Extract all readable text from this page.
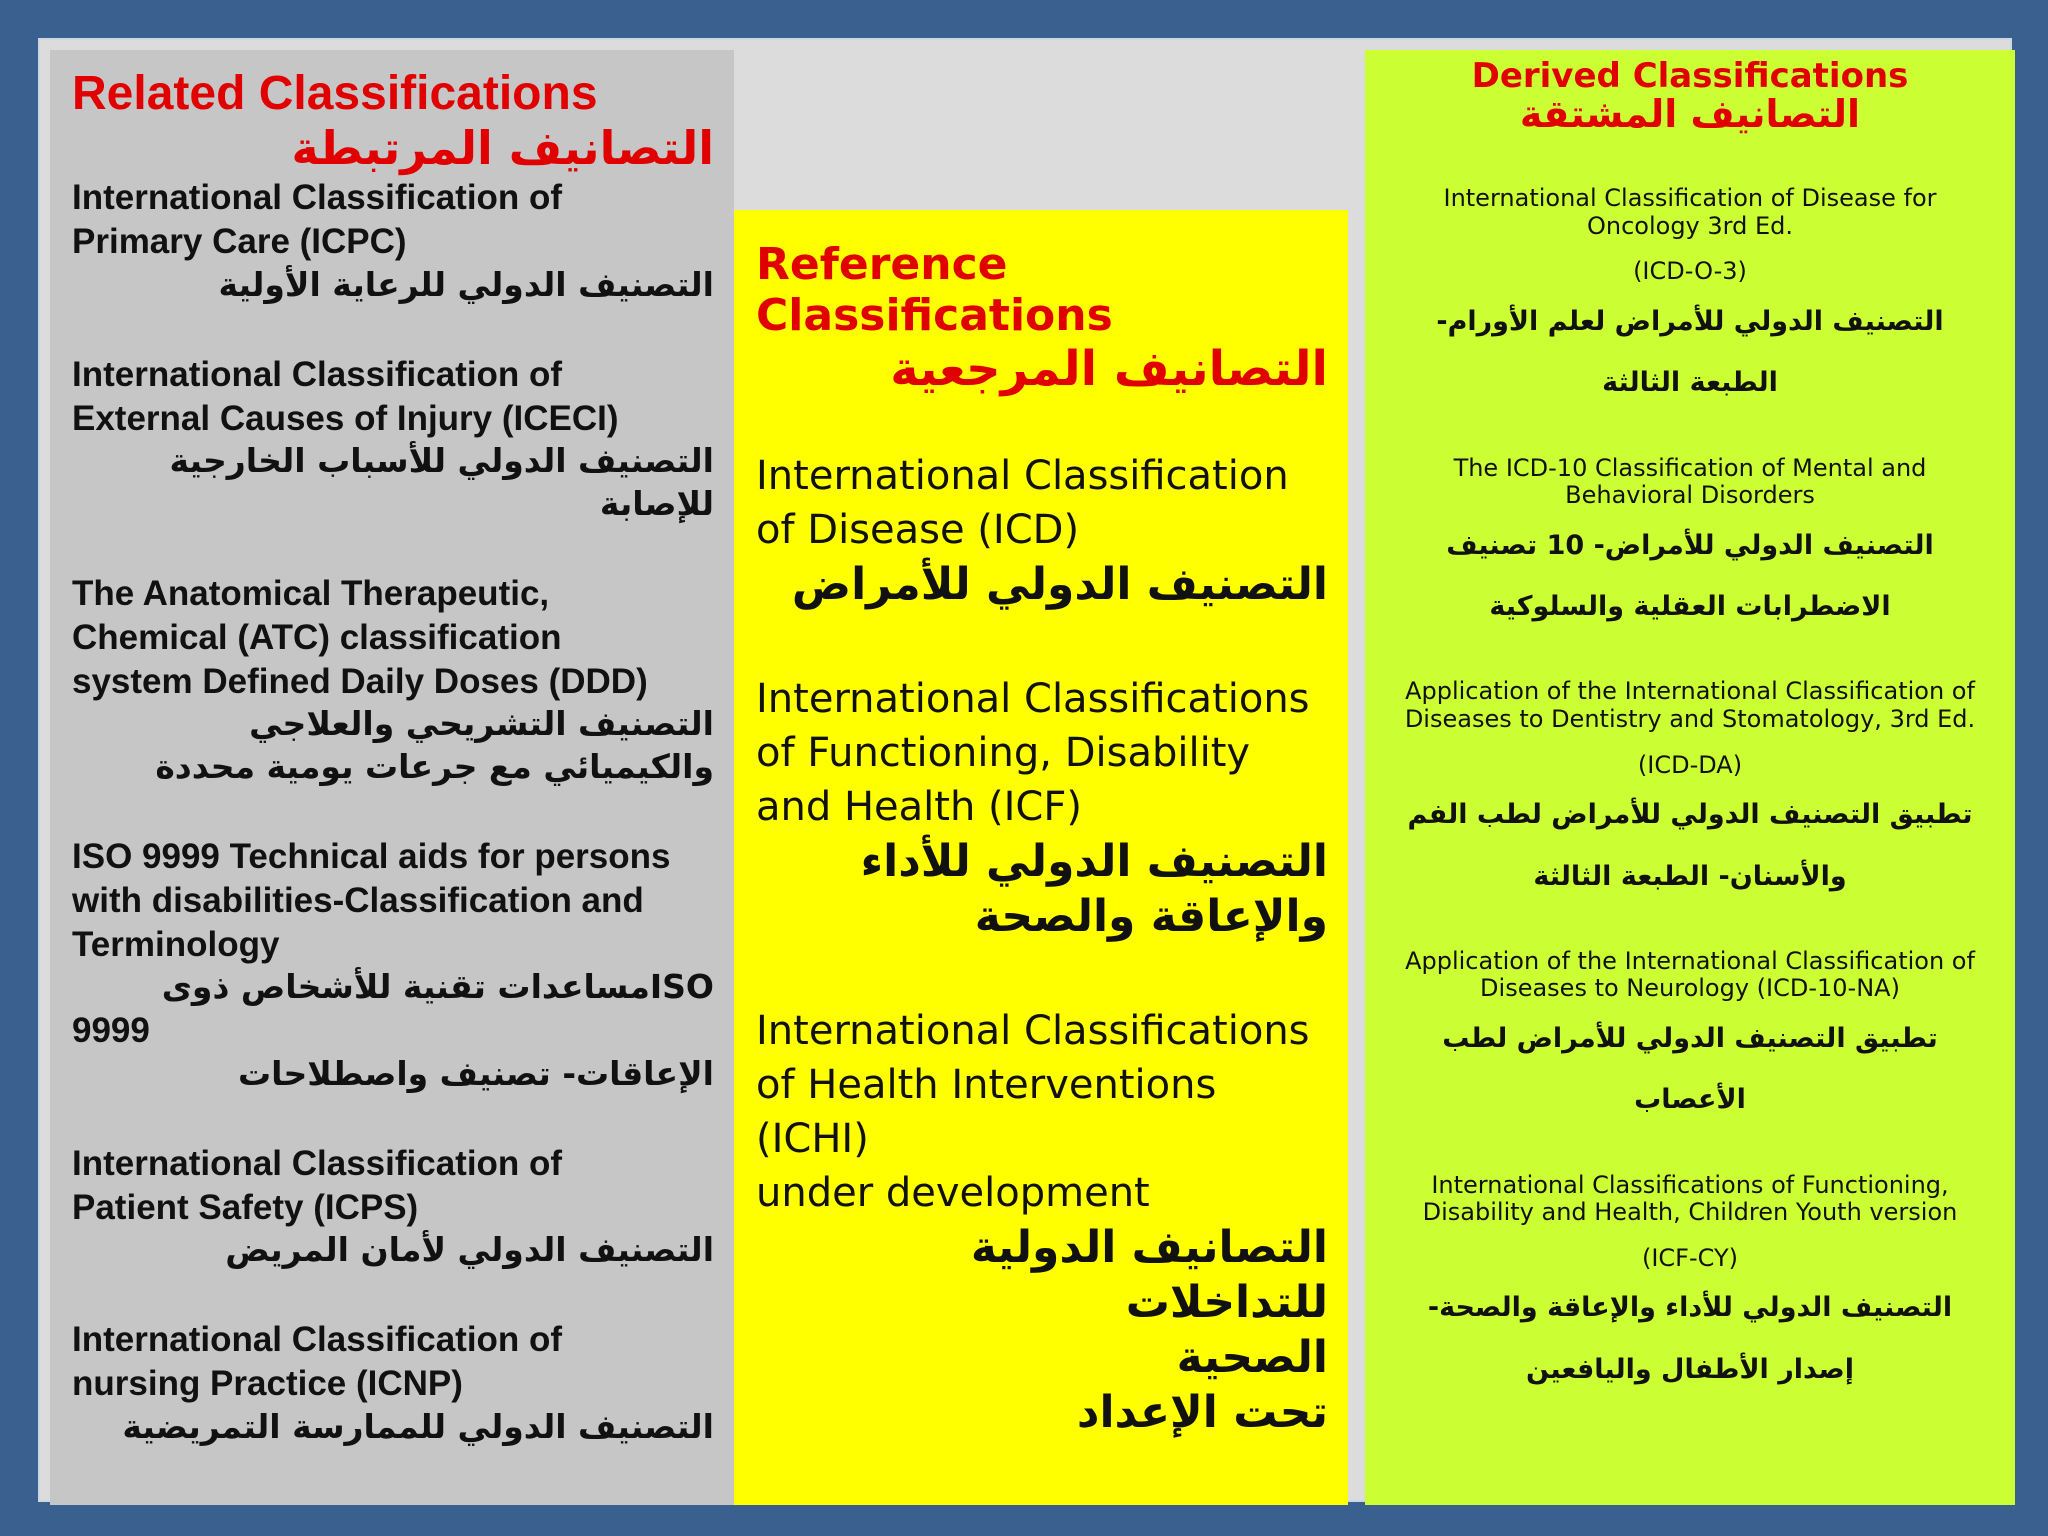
Related Classifications
التصانيف المرتبطة
International Classification of
Primary Care (ICPC)
التصنيف الدولي للرعاية الأولية
International Classification of
External Causes of Injury (ICECI)
التصنيف الدولي للأسباب الخارجية
للإصابة
The Anatomical Therapeutic,
Chemical (ATC) classification
system Defined Daily Doses (DDD)
التصنيف التشريحي والعلاجي
والكيميائي مع جرعات يومية محددة
ISO 9999 Technical aids for persons
with disabilities-Classification and
Terminology
ISOمساعدات تقنية للأشخاص ذوى
9999
الإعاقات- تصنيف واصطلاحات
International Classification of
Patient Safety (ICPS)
التصنيف الدولي لأمان المريض
International Classification of
nursing Practice (ICNP)
التصنيف الدولي للممارسة التمريضية
Reference Classifications
التصانيف المرجعية
International Classification
of Disease (ICD)
التصنيف الدولي للأمراض
International Classifications
of Functioning, Disability
and Health (ICF)
التصنيف الدولي للأداء
والإعاقة والصحة
International Classifications
of Health Interventions
(ICHI)
under development
التصانيف الدولية للتداخلات
الصحية
تحت الإعداد
Derived Classifications
التصانيف المشتقة
International Classification of Disease for
Oncology 3rd Ed.
(ICD-O-3)
التصنيف الدولي للأمراض لعلم الأورام-
الطبعة الثالثة
The ICD-10 Classification of Mental and
Behavioral Disorders
التصنيف الدولي للأمراض- 10 تصنيف
الاضطرابات العقلية والسلوكية
Application of the International Classification of
Diseases to Dentistry and Stomatology, 3rd Ed.
(ICD-DA)
تطبيق التصنيف الدولي للأمراض لطب الفم
والأسنان- الطبعة الثالثة
Application of the International Classification of
Diseases to Neurology (ICD-10-NA)
تطبيق التصنيف الدولي للأمراض لطب
الأعصاب
International Classifications of Functioning,
Disability and Health, Children Youth version
(ICF-CY)
التصنيف الدولي للأداء والإعاقة والصحة-
إصدار الأطفال واليافعين
